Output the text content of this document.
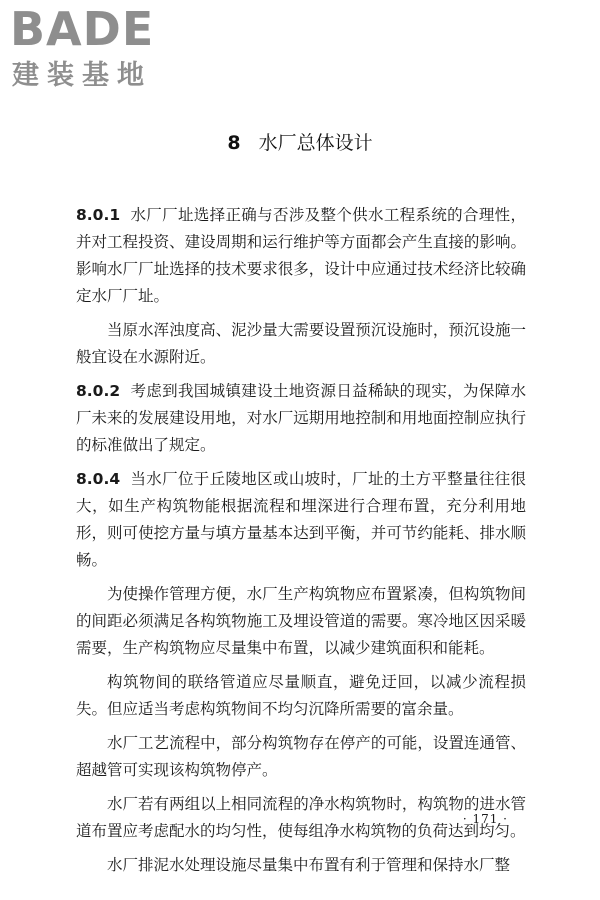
BADE
建装基地
8 水厂总体设计

8.0.1 水厂厂址选择正确与否涉及整个供水工程系统的合理性，并对工程投资、建设周期和运行维护等方面都会产生直接的影响。影响水厂厂址选择的技术要求很多，设计中应通过技术经济比较确定水厂厂址。

当原水浑浊度高、泥沙量大需要设置预沉设施时，预沉设施一般宜设在水源附近。

8.0.2 考虑到我国城镇建设土地资源日益稀缺的现实，为保障水厂未来的发展建设用地，对水厂远期用地控制和用地面控制应执行的标准做出了规定。

8.0.4 当水厂位于丘陵地区或山坡时，厂址的土方平整量往往很大，如生产构筑物能根据流程和埋深进行合理布置，充分利用地形，则可使挖方量与填方量基本达到平衡，并可节约能耗、排水顺畅。

为使操作管理方便，水厂生产构筑物应布置紧凑，但构筑物间的间距必须满足各构筑物施工及埋设管道的需要。寒冷地区因采暖需要，生产构筑物应尽量集中布置，以减少建筑面积和能耗。

构筑物间的联络管道应尽量顺直，避免迂回，以减少流程损失。但应适当考虑构筑物间不均匀沉降所需要的富余量。

水厂工艺流程中，部分构筑物存在停产的可能，设置连通管、超越管可实现该构筑物停产。

水厂若有两组以上相同流程的净水构筑物时，构筑物的进水管道布置应考虑配水的均匀性，使每组净水构筑物的负荷达到均匀。

水厂排泥水处理设施尽量集中布置有利于管理和保持水厂整

· 171 ·
